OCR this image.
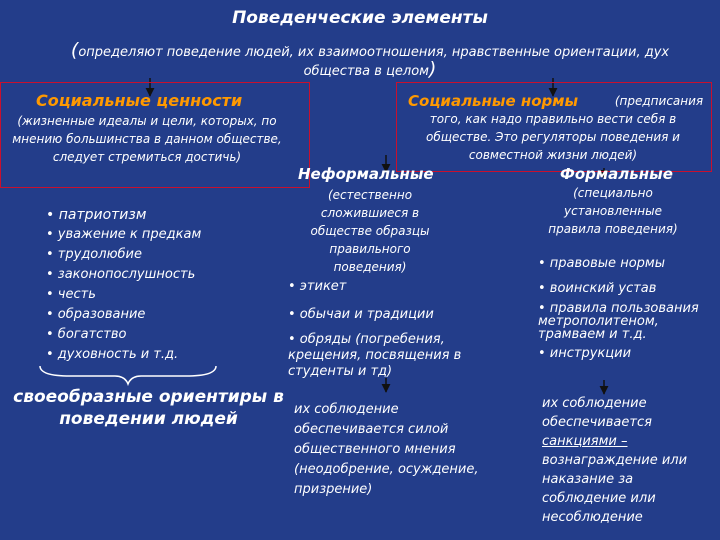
Поведенческие элементы
(определяют поведение людей, их взаимоотношения, нравственные ориентации, дух общества в целом)
Социальные ценности
(жизненные идеалы и цели, которых, по мнению большинства в данном обществе, следует стремиться достичь)
• патриотизм
• уважение к предкам
• трудолюбие
• законопослушность
• честь
• образование
• богатство
• духовность и т.д.
своеобразные ориентиры в поведении людей
Социальные нормы	(предписания того, как надо правильно вести себя в обществе. Это регуляторы поведения и совместной жизни людей)
Неформальные
(естественно сложившиеся в обществе образцы правильного поведения)
• этикет
• обычаи и традиции
• обряды (погребения, крещения, посвящения в студенты и тд)
их соблюдение обеспечивается силой общественного мнения (неодобрение, осуждение, призрение)
Формальные
(специально установленные правила поведения)
• правовые нормы
• воинский устав
• правила пользования метрополитеном, трамваем и т.д.
• инструкции
их соблюдение обеспечивается санкциями – вознаграждение или наказание за соблюдение или несоблюдение
